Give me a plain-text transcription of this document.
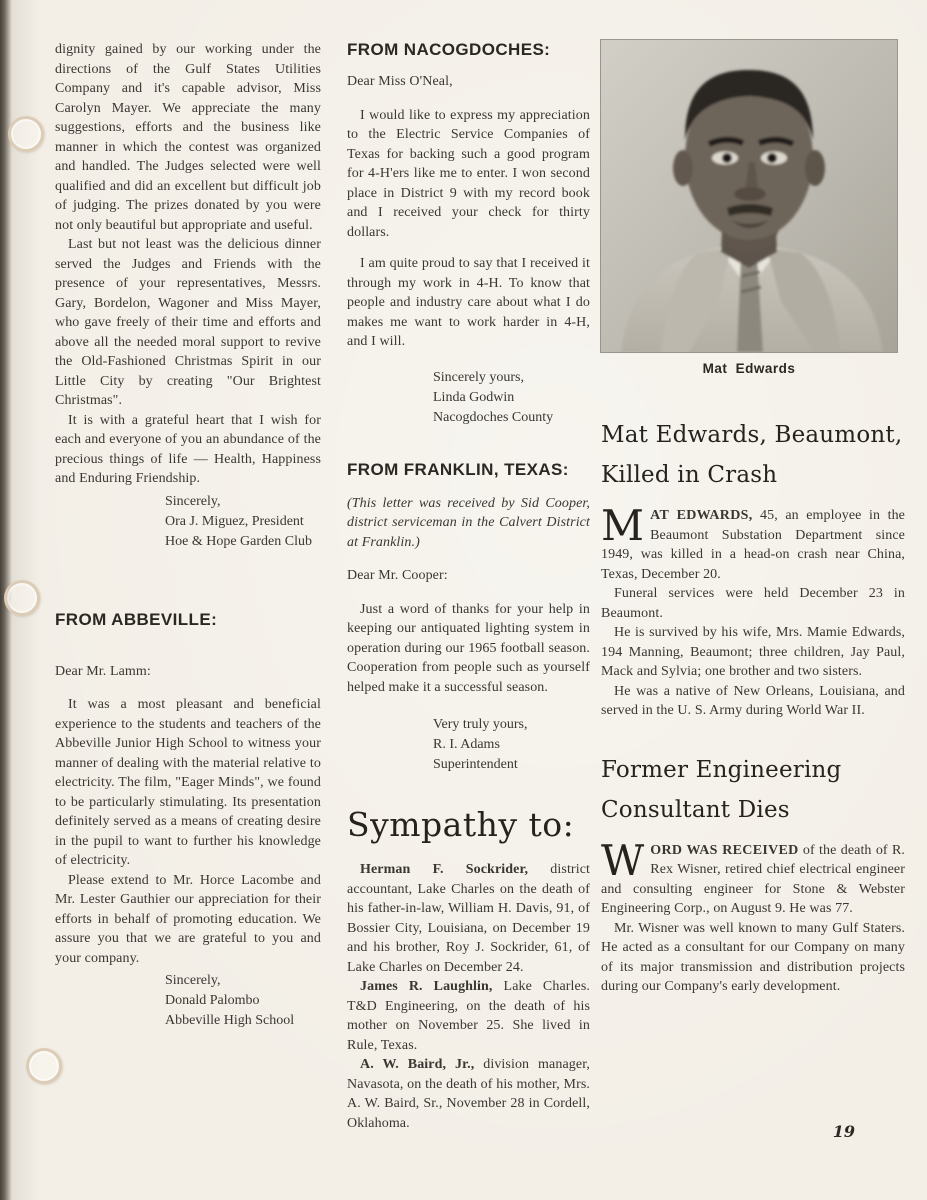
dignity gained by our working under the directions of the Gulf States Utilities Company and it's capable advisor, Miss Carolyn Mayer. We appreciate the many suggestions, efforts and the business like manner in which the contest was organized and handled. The Judges selected were well qualified and did an excellent but difficult job of judging. The prizes donated by you were not only beautiful but appropriate and useful.

Last but not least was the delicious dinner served the Judges and Friends with the presence of your representatives, Messrs. Gary, Bordelon, Wagoner and Miss Mayer, who gave freely of their time and efforts and above all the needed moral support to revive the Old-Fashioned Christmas Spirit in our Little City by creating "Our Brightest Christmas".

It is with a grateful heart that I wish for each and everyone of you an abundance of the precious things of life — Health, Happiness and Enduring Friendship.

Sincerely,
Ora J. Miguez, President
Hoe & Hope Garden Club
FROM ABBEVILLE:

Dear Mr. Lamm:

It was a most pleasant and beneficial experience to the students and teachers of the Abbeville Junior High School to witness your manner of dealing with the material relative to electricity. The film, "Eager Minds", we found to be particularly stimulating. Its presentation definitely served as a means of creating desire in the pupil to want to further his knowledge of electricity.

Please extend to Mr. Horce Lacombe and Mr. Lester Gauthier our appreciation for their efforts in behalf of promoting education. We assure you that we are grateful to you and your company.

Sincerely,
Donald Palombo
Abbeville High School
FROM NACOGDOCHES:

Dear Miss O'Neal,

I would like to express my appreciation to the Electric Service Companies of Texas for backing such a good program for 4-H'ers like me to enter. I won second place in District 9 with my record book and I received your check for thirty dollars.

I am quite proud to say that I received it through my work in 4-H. To know that people and industry care about what I do makes me want to work harder in 4-H, and I will.

Sincerely yours,
Linda Godwin
Nacogdoches County
FROM FRANKLIN, TEXAS:

(This letter was received by Sid Cooper, district serviceman in the Calvert District at Franklin.)

Dear Mr. Cooper:

Just a word of thanks for your help in keeping our antiquated lighting system in operation during our 1965 football season. Cooperation from people such as yourself helped make it a successful season.

Very truly yours,
R. I. Adams
Superintendent
Sympathy to:

Herman F. Sockrider, district accountant, Lake Charles on the death of his father-in-law, William H. Davis, 91, of Bossier City, Louisiana, on December 19 and his brother, Roy J. Sockrider, 61, of Lake Charles on December 24.

James R. Laughlin, Lake Charles. T&D Engineering, on the death of his mother on November 25. She lived in Rule, Texas.

A. W. Baird, Jr., division manager, Navasota, on the death of his mother, Mrs. A. W. Baird, Sr., November 28 in Cordell, Oklahoma.

Mat Edwards
Mat Edwards, Beaumont,
Killed in Crash

MAT EDWARDS, 45, an employee in the Beaumont Substation Department since 1949, was killed in a head-on crash near China, Texas, December 20.

Funeral services were held December 23 in Beaumont.

He is survived by his wife, Mrs. Mamie Edwards, 194 Manning, Beaumont; three children, Jay Paul, Mack and Sylvia; one brother and two sisters.

He was a native of New Orleans, Louisiana, and served in the U. S. Army during World War II.

Former Engineering
Consultant Dies

WORD WAS RECEIVED of the death of R. Rex Wisner, retired chief electrical engineer and consulting engineer for Stone & Webster Engineering Corp., on August 9. He was 77.

Mr. Wisner was well known to many Gulf Staters. He acted as a consultant for our Company on many of its major transmission and distribution projects during our Company's early development.

19
